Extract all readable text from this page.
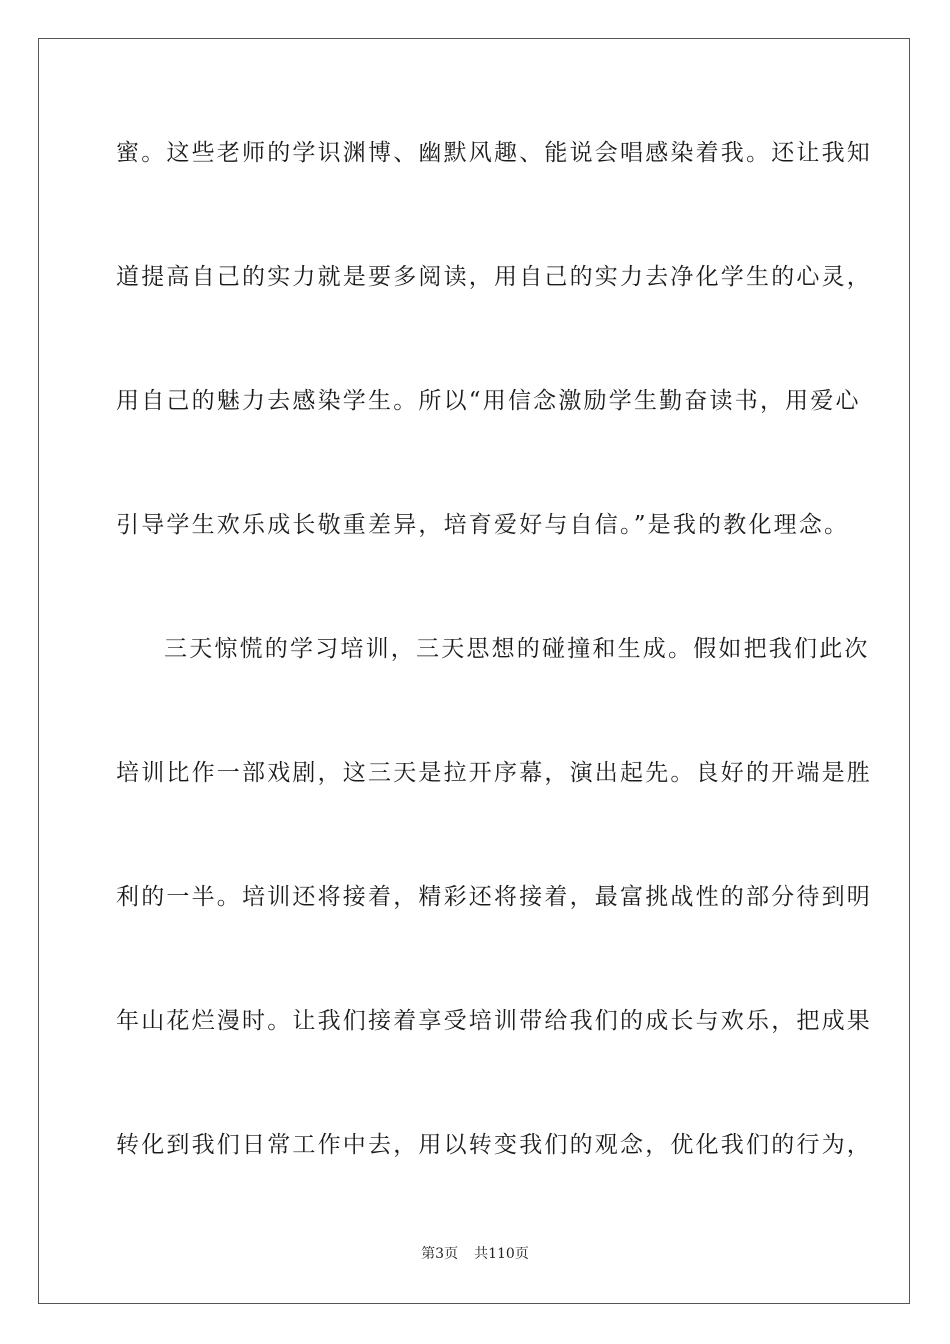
蜜。这些老师的学识渊博、幽默风趣、能说会唱感染着我。还让我知
道提高自己的实力就是要多阅读，用自己的实力去净化学生的心灵，
用自己的魅力去感染学生。所以“用信念激励学生勤奋读书，用爱心
引导学生欢乐成长敬重差异，培育爱好与自信。”是我的教化理念。
三天惊慌的学习培训，三天思想的碰撞和生成。假如把我们此次
培训比作一部戏剧，这三天是拉开序幕，演出起先。良好的开端是胜
利的一半。培训还将接着，精彩还将接着，最富挑战性的部分待到明
年山花烂漫时。让我们接着享受培训带给我们的成长与欢乐，把成果
转化到我们日常工作中去，用以转变我们的观念，优化我们的行为，
第3页 共110页
